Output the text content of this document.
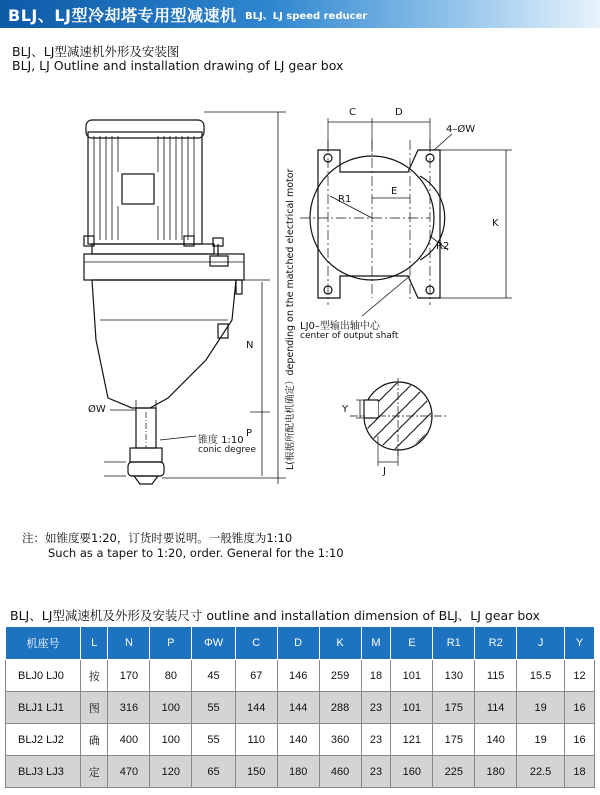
BLJ、LJ型冷却塔专用型减速机 BLJ、LJ speed reducer
BLJ、LJ型减速机外形及安装图
BLJ, LJ Outline and installation drawing of LJ gear box
C	D
4–ØW
R1
E
R2
K
N
P	L(根据所配电机确定）depending on the matched electrical motor
ØW
锥度 1:10
conic degree
LJ0–型输出轴中心
center of output shaft
Y
J
注：如锥度要1:20，订货时要说明。一般锥度为1:10
Such as a taper to 1:20, order. General for the 1:10
BLJ、LJ型减速机及外形及安装尺寸 outline and installation dimension of BLJ、LJ gear box
机座号	L	N	P	ΦW	C	D	K	M	E	R1	R2	J	Y
BLJ0 LJ0	按	170	80	45	67	146	259	18	101	130	115	15.5	12
BLJ1 LJ1	图	316	100	55	144	144	288	23	101	175	114	19	16
BLJ2 LJ2	确	400	100	55	110	140	360	23	121	175	140	19	16
BLJ3 LJ3	定	470	120	65	150	180	460	23	160	225	180	22.5	18
